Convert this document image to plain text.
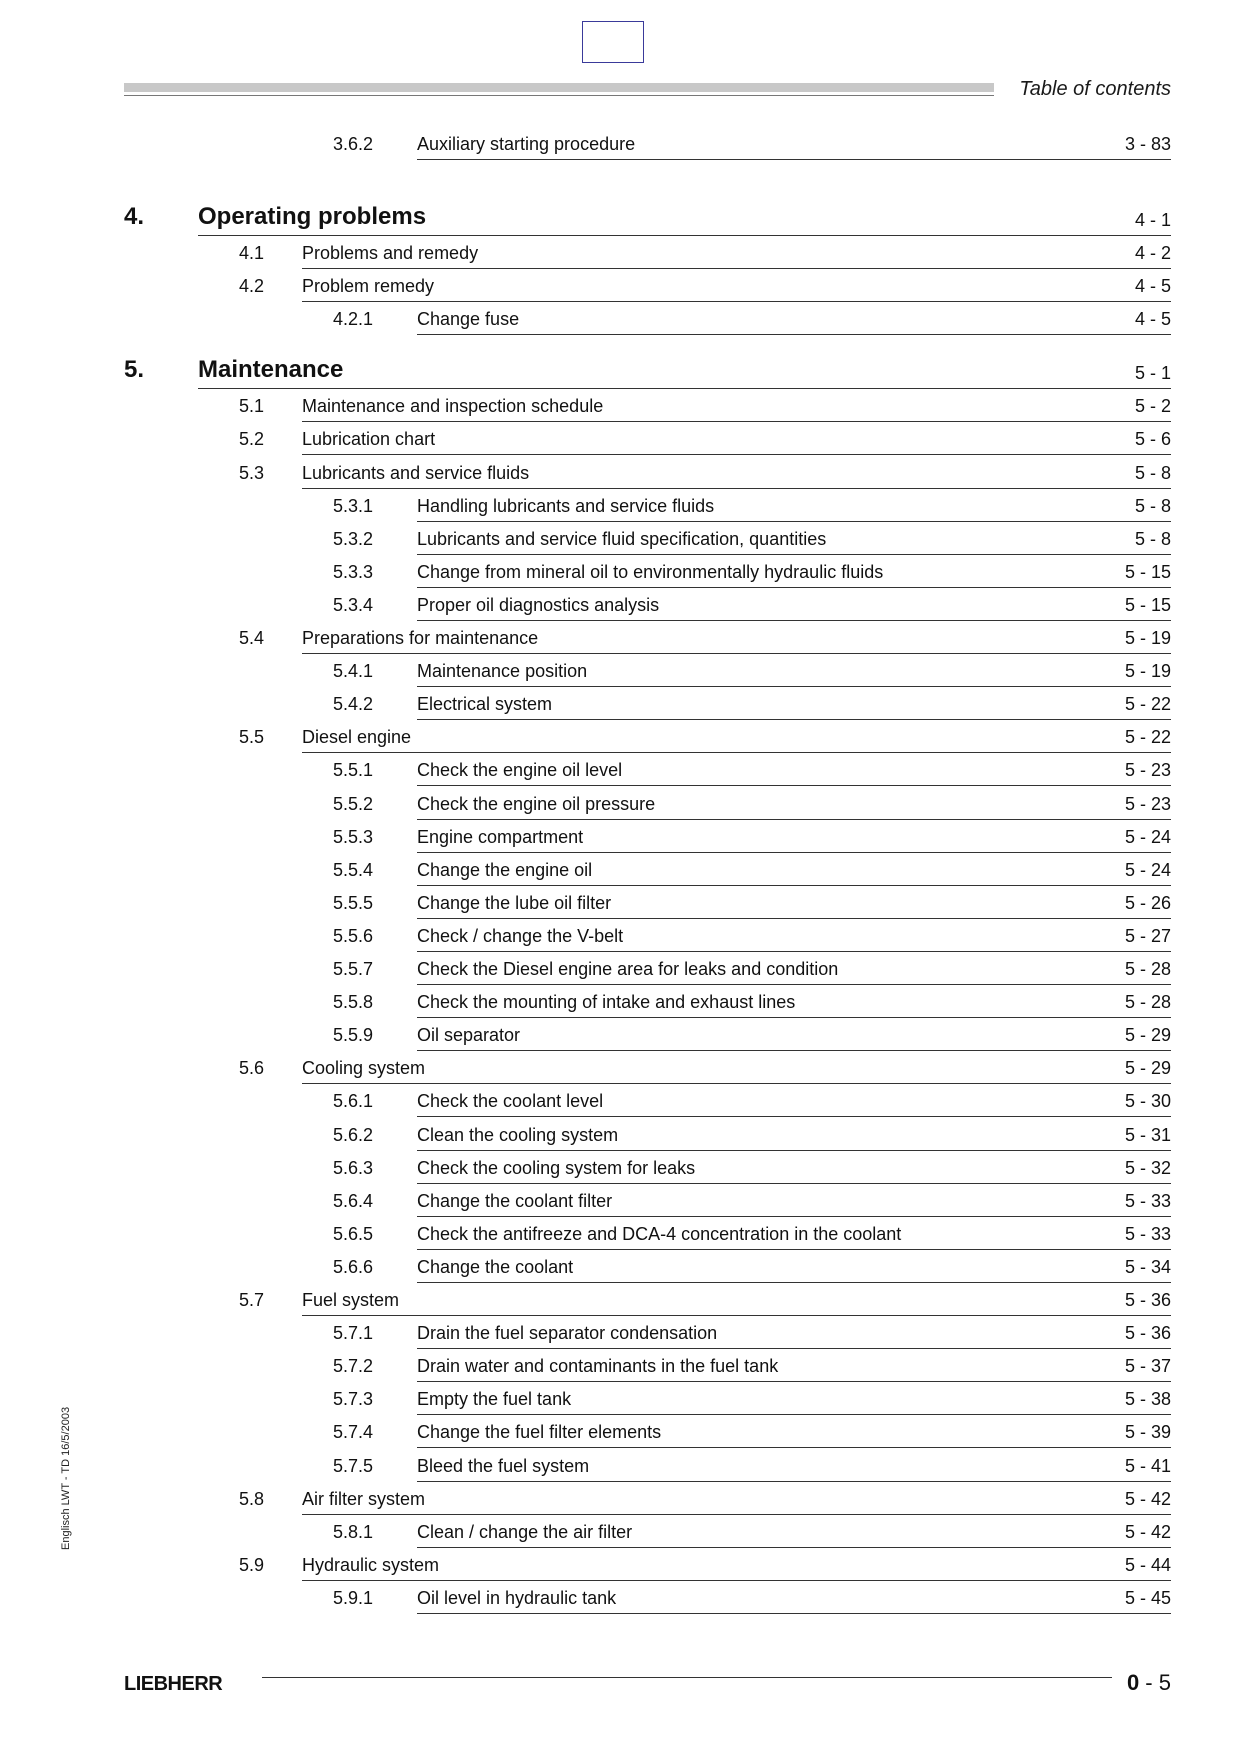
Table of contents
3.6.2 Auxiliary starting procedure	3 - 83
4. Operating problems	4 - 1
4.1 Problems and remedy	4 - 2
4.2 Problem remedy	4 - 5
4.2.1 Change fuse	4 - 5
5. Maintenance	5 - 1
5.1 Maintenance and inspection schedule	5 - 2
5.2 Lubrication chart	5 - 6
5.3 Lubricants and service fluids	5 - 8
5.3.1 Handling lubricants and service fluids	5 - 8
5.3.2 Lubricants and service fluid specification, quantities	5 - 8
5.3.3 Change from mineral oil to environmentally hydraulic fluids	5 - 15
5.3.4 Proper oil diagnostics analysis	5 - 15
5.4 Preparations for maintenance	5 - 19
5.4.1 Maintenance position	5 - 19
5.4.2 Electrical system	5 - 22
5.5 Diesel engine	5 - 22
5.5.1 Check the engine oil level	5 - 23
5.5.2 Check the engine oil pressure	5 - 23
5.5.3 Engine compartment	5 - 24
5.5.4 Change the engine oil	5 - 24
5.5.5 Change the lube oil filter	5 - 26
5.5.6 Check / change the V-belt	5 - 27
5.5.7 Check the Diesel engine area for leaks and condition	5 - 28
5.5.8 Check the mounting of intake and exhaust lines	5 - 28
5.5.9 Oil separator	5 - 29
5.6 Cooling system	5 - 29
5.6.1 Check the coolant level	5 - 30
5.6.2 Clean the cooling system	5 - 31
5.6.3 Check the cooling system for leaks	5 - 32
5.6.4 Change the coolant filter	5 - 33
5.6.5 Check the antifreeze and DCA-4 concentration in the coolant	5 - 33
5.6.6 Change the coolant	5 - 34
5.7 Fuel system	5 - 36
5.7.1 Drain the fuel separator condensation	5 - 36
5.7.2 Drain water and contaminants in the fuel tank	5 - 37
5.7.3 Empty the fuel tank	5 - 38
5.7.4 Change the fuel filter elements	5 - 39
5.7.5 Bleed the fuel system	5 - 41
5.8 Air filter system	5 - 42
5.8.1 Clean / change the air filter	5 - 42
5.9 Hydraulic system	5 - 44
5.9.1 Oil level in hydraulic tank	5 - 45
Englisch LWT - TD 16/5/2003
LIEBHERR	0 - 5
